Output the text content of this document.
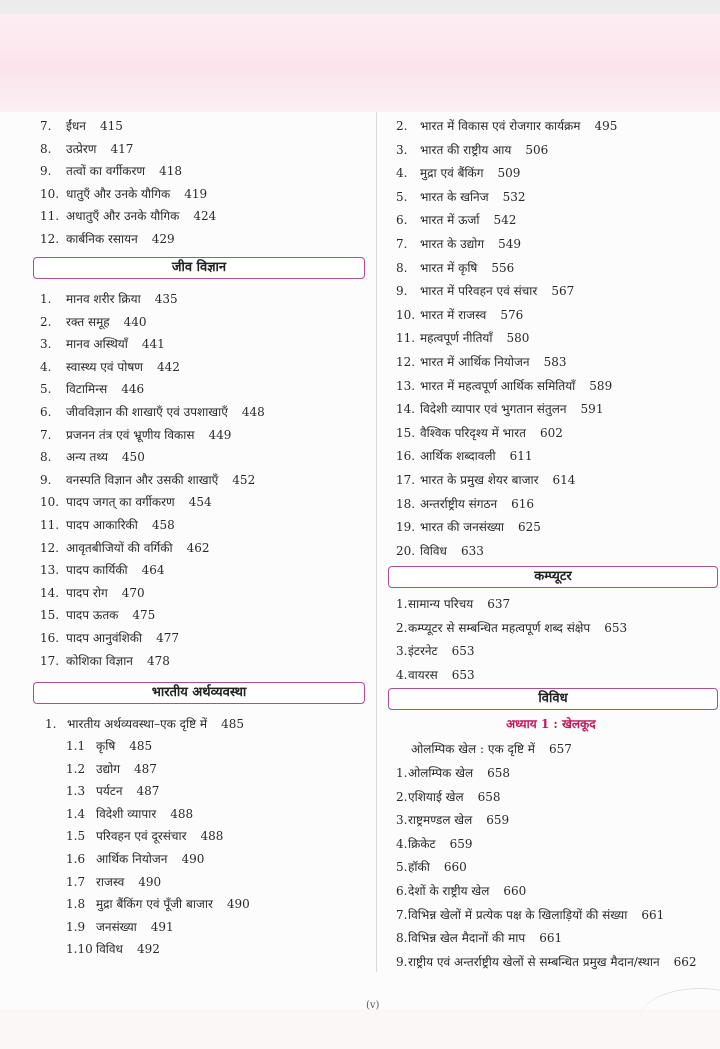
7. ईंधन 415
8. उत्प्रेरण 417
9. तत्वों का वर्गीकरण 418
10. धातुएँ और उनके यौगिक 419
11. अधातुएँ और उनके यौगिक 424
12. कार्बनिक रसायन 429
जीव विज्ञान
1. मानव शरीर क्रिया 435
2. रक्त समूह 440
3. मानव अस्थियाँ 441
4. स्वास्थ्य एवं पोषण 442
5. विटामिन्स 446
6. जीवविज्ञान की शाखाएँ एवं उपशाखाएँ 448
7. प्रजनन तंत्र एवं भ्रूणीय विकास 449
8. अन्य तथ्य 450
9. वनस्पति विज्ञान और उसकी शाखाएँ 452
10. पादप जगत् का वर्गीकरण 454
11. पादप आकारिकी 458
12. आवृतबीजियों की वर्गिकी 462
13. पादप कार्यिकी 464
14. पादप रोग 470
15. पादप ऊतक 475
16. पादप आनुवंशिकी 477
17. कोशिका विज्ञान 478
भारतीय अर्थव्यवस्था
1. भारतीय अर्थव्यवस्था–एक दृष्टि में 485
1.1 कृषि 485
1.2 उद्योग 487
1.3 पर्यटन 487
1.4 विदेशी व्यापार 488
1.5 परिवहन एवं दूरसंचार 488
1.6 आर्थिक नियोजन 490
1.7 राजस्व 490
1.8 मुद्रा बैंकिंग एवं पूँजी बाजार 490
1.9 जनसंख्या 491
1.10 विविध 492
2. भारत में विकास एवं रोजगार कार्यक्रम 495
3. भारत की राष्ट्रीय आय 506
4. मुद्रा एवं बैंकिंग 509
5. भारत के खनिज 532
6. भारत में ऊर्जा 542
7. भारत के उद्योग 549
8. भारत में कृषि 556
9. भारत में परिवहन एवं संचार 567
10. भारत में राजस्व 576
11. महत्वपूर्ण नीतियाँ 580
12. भारत में आर्थिक नियोजन 583
13. भारत में महत्वपूर्ण आर्थिक समितियाँ 589
14. विदेशी व्यापार एवं भुगतान संतुलन 591
15. वैश्विक परिदृश्य में भारत 602
16. आर्थिक शब्दावली 611
17. भारत के प्रमुख शेयर बाजार 614
18. अन्तर्राष्ट्रीय संगठन 616
19. भारत की जनसंख्या 625
20. विविध 633
कम्प्यूटर
1.सामान्य परिचय 637
2.कम्प्यूटर से सम्बन्धित महत्वपूर्ण शब्द संक्षेप 653
3.इंटरनेट 653
4.वायरस 653
विविध
अध्याय 1 : खेलकूद
ओलम्पिक खेल : एक दृष्टि में 657
1.ओलम्पिक खेल 658
2.एशियाई खेल 658
3.राष्ट्रमण्डल खेल 659
4.क्रिकेट 659
5.हॉकी 660
6.देशों के राष्ट्रीय खेल 660
7.विभिन्न खेलों में प्रत्येक पक्ष के खिलाड़ियों की संख्या 661
8.विभिन्न खेल मैदानों की माप 661
9.राष्ट्रीय एवं अन्तर्राष्ट्रीय खेलों से सम्बन्धित प्रमुख मैदान/स्थान 662
(v)
